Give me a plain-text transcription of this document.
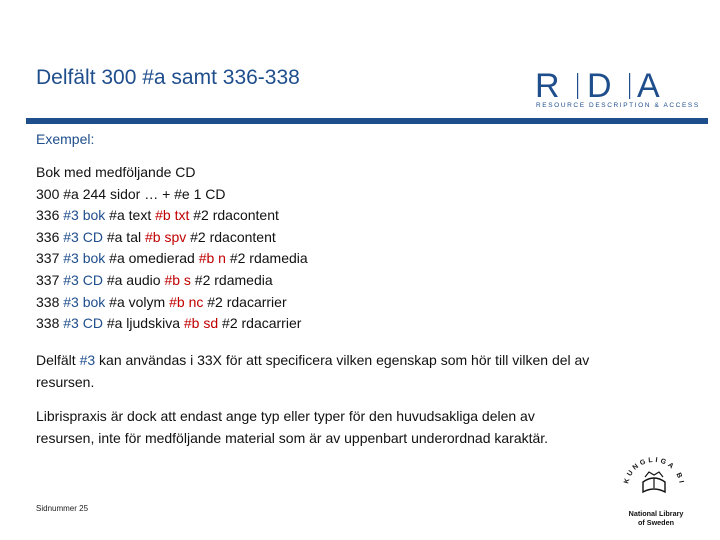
Delfält 300 #a samt 336-338	R D A
RESOURCE DESCRIPTION & ACCESS
Exempel:
Bok med medföljande CD
300 #a 244 sidor … + #e 1 CD
336 #3 bok #a text #b txt #2 rdacontent
336 #3 CD #a tal #b spv #2 rdacontent
337 #3 bok #a omedierad #b n #2 rdamedia
337 #3 CD #a audio #b s #2 rdamedia
338 #3 bok #a volym #b nc #2 rdacarrier
338 #3 CD #a ljudskiva #b sd #2 rdacarrier
Delfält #3 kan användas i 33X för att specificera vilken egenskap som hör till vilken del av resursen.
Librispraxis är dock att endast ange typ eller typer för den huvudsakliga delen av resursen, inte för medföljande material som är av uppenbart underordnad karaktär.
Sidnummer 25
KUNGLIGA BI
National Library
of Sweden
